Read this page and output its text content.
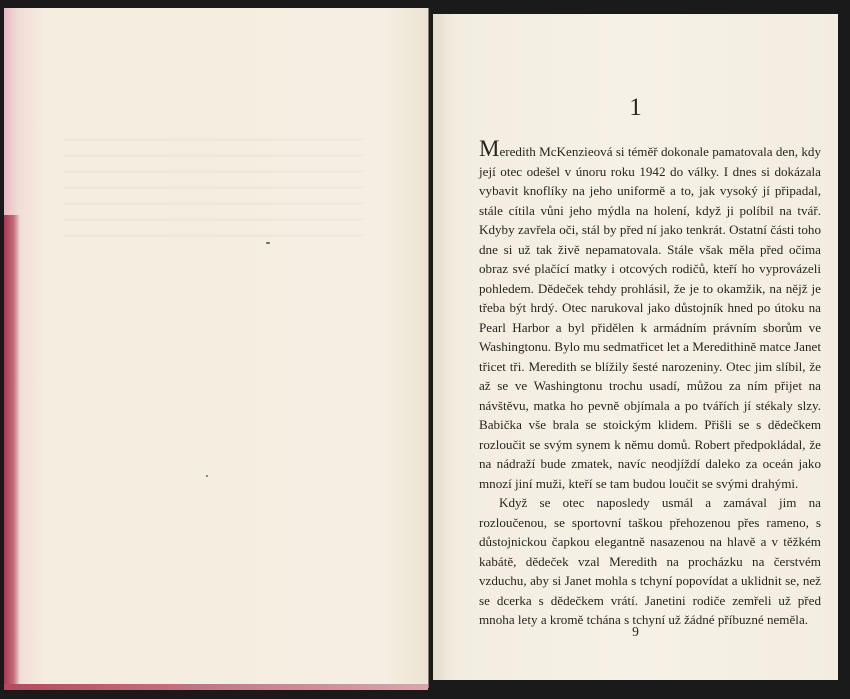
1

Meredith McKenzieová si téměř dokonale pamatovala den, kdy její otec odešel v únoru roku 1942 do války. I dnes si dokázala vybavit knoflíky na jeho uniformě a to, jak vysoký jí připadal, stále cítila vůni jeho mýdla na holení, když ji políbil na tvář. Kdyby zavřela oči, stál by před ní jako tenkrát. Ostatní části toho dne si už tak živě nepamatovala. Stále však měla před očima obraz své plačící matky i otcových rodičů, kteří ho vyprovázeli pohledem. Dědeček tehdy prohlásil, že je to okamžik, na nějž je třeba být hrdý. Otec narukoval jako důstojník hned po útoku na Pearl Harbor a byl přidělen k armádním právním sborům ve Washingtonu. Bylo mu sedmatřicet let a Meredithině matce Janet třicet tři. Meredith se blížily šesté narozeniny. Otec jim slíbil, že až se ve Washingtonu trochu usadí, můžou za ním přijet na návštěvu, matka ho pevně objímala a po tvářích jí stékaly slzy. Babička vše brala se stoickým klidem. Přišli se s dědečkem rozloučit se svým synem k němu domů. Robert předpokládal, že na nádraží bude zmatek, navíc neodjíždí daleko za oceán jako mnozí jiní muži, kteří se tam budou loučit se svými drahými.

Když se otec naposledy usmál a zamával jim na rozloučenou, se sportovní taškou přehozenou přes rameno, s důstojnickou čapkou elegantně nasazenou na hlavě a v těžkém kabátě, dědeček vzal Meredith na procházku na čerstvém vzduchu, aby si Janet mohla s tchyní popovídat a uklidnit se, než se dcerka s dědečkem vrátí. Janetini rodiče zemřeli už před mnoha lety a kromě tchána s tchyní už žádné příbuzné neměla.

9
